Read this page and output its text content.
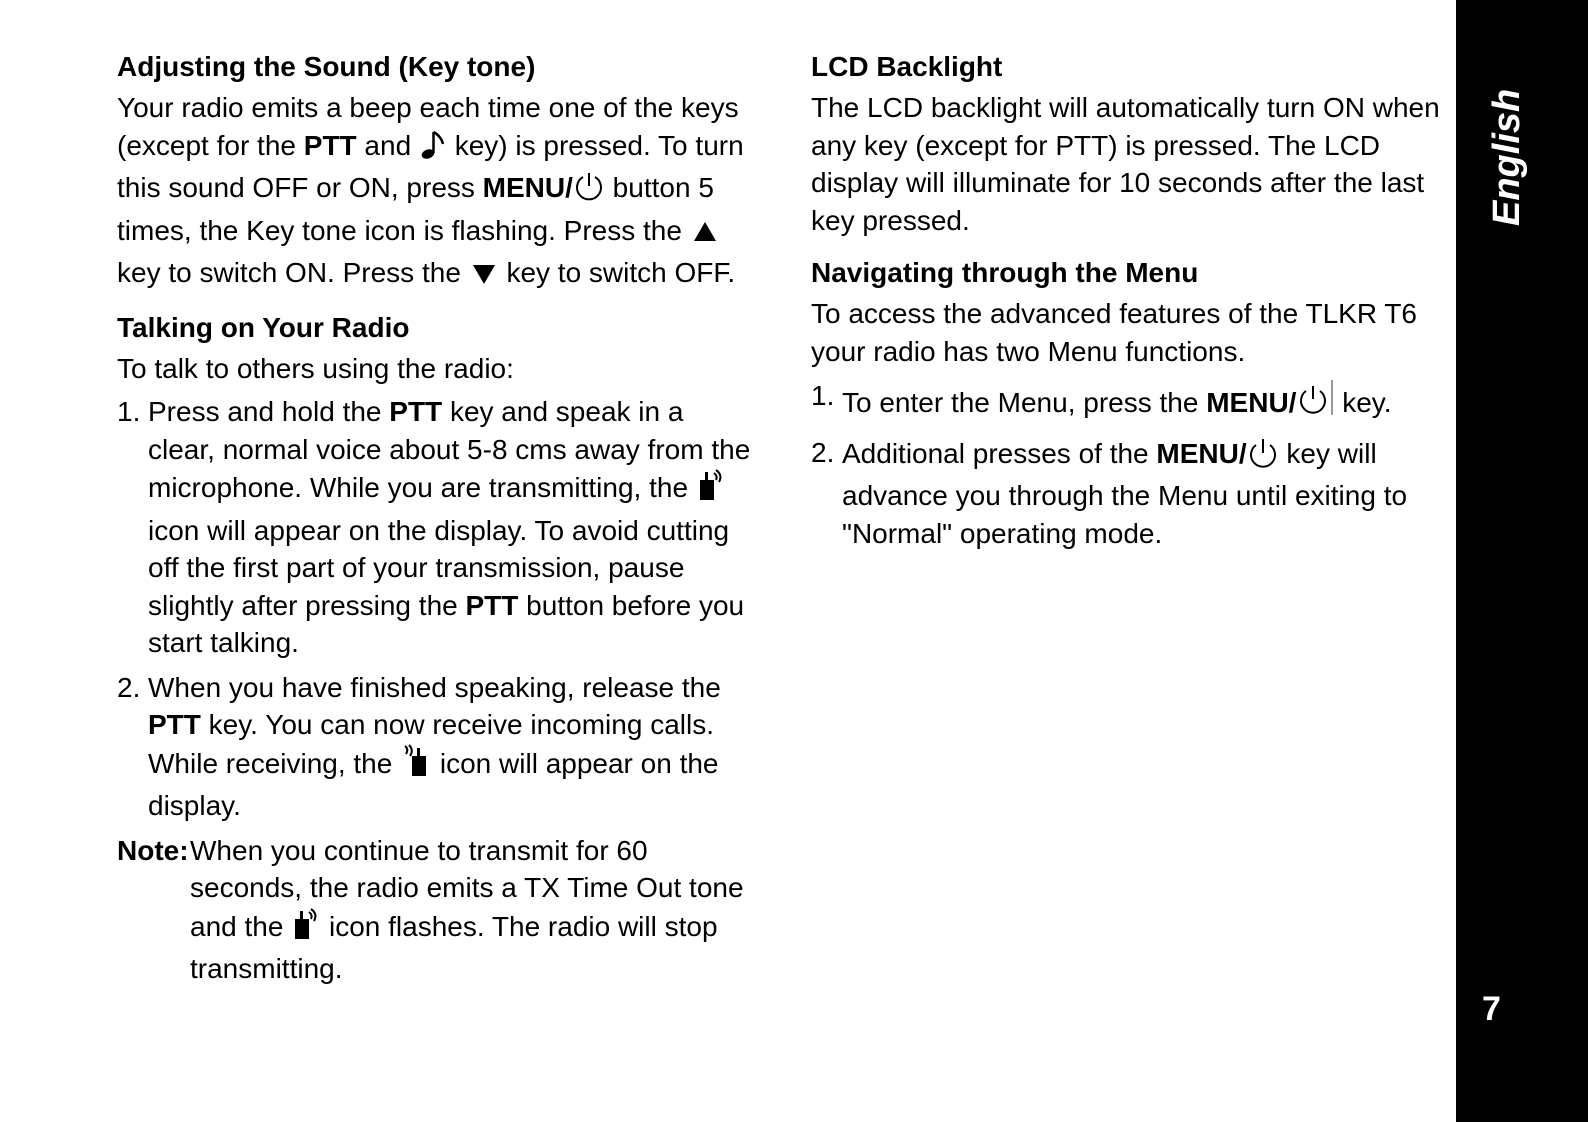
Adjusting the Sound (Key tone)

Your radio emits a beep each time one of the keys (except for the PTT and  key) is pressed. To turn this sound OFF or ON, press MENU/ button 5 times, the Key tone icon is flashing. Press the  key to switch ON. Press the  key to switch OFF.

Talking on Your Radio

To talk to others using the radio:

1. Press and hold the PTT key and speak in a clear, normal voice about 5-8 cms away from the microphone. While you are transmitting, the  icon will appear on the display. To avoid cutting off the first part of your transmission, pause slightly after pressing the PTT button before you start talking.
2. When you have finished speaking, release the PTT key. You can now receive incoming calls. While receiving, the  icon will appear on the display.
Note: When you continue to transmit for 60 seconds, the radio emits a TX Time Out tone and the  icon flashes. The radio will stop transmitting.
LCD Backlight

The LCD backlight will automatically turn ON when any key (except for PTT) is pressed. The LCD display will illuminate for 10 seconds after the last key pressed.

Navigating through the Menu

To access the advanced features of the TLKR T6 your radio has two Menu functions.

1. To enter the Menu, press the MENU/ key.
2. Additional presses of the MENU/ key will advance you through the Menu until exiting to "Normal" operating mode.
English
7
